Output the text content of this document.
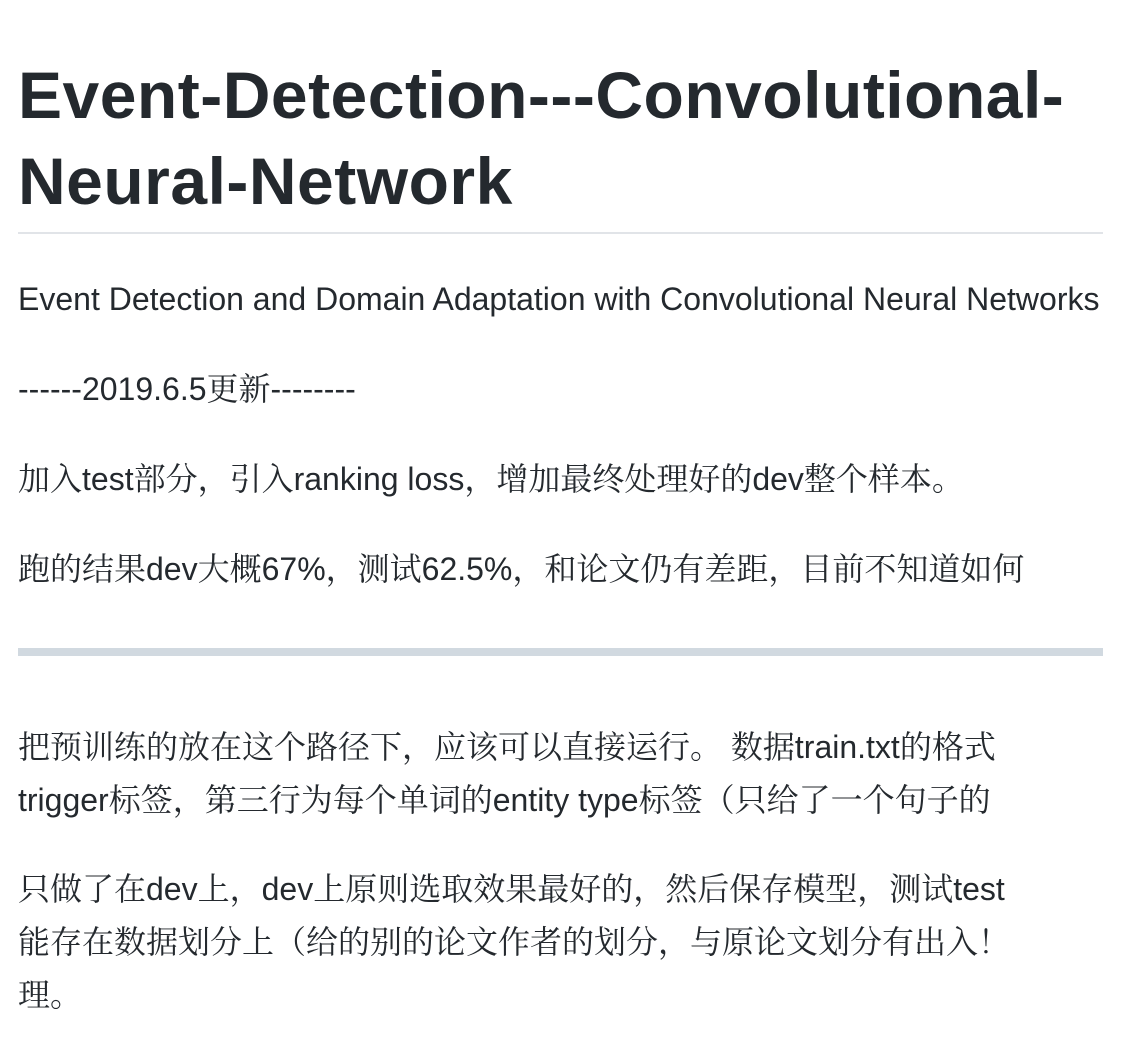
Event-Detection---Convolutional-Neural-Network

Event Detection and Domain Adaptation with Convolutional Neural Networks

------2019.6.5更新--------

加入test部分，引入ranking loss，增加最终处理好的dev整个样本。

跑的结果dev大概67%，测试62.5%，和论文仍有差距，目前不知道如何

把预训练的放在这个路径下，应该可以直接运行。 数据train.txt的格式
trigger标签，第三行为每个单词的entity type标签（只给了一个句子的
只做了在dev上，dev上原则选取效果最好的，然后保存模型，测试test
能存在数据划分上（给的别的论文作者的划分，与原论文划分有出入！
理。
